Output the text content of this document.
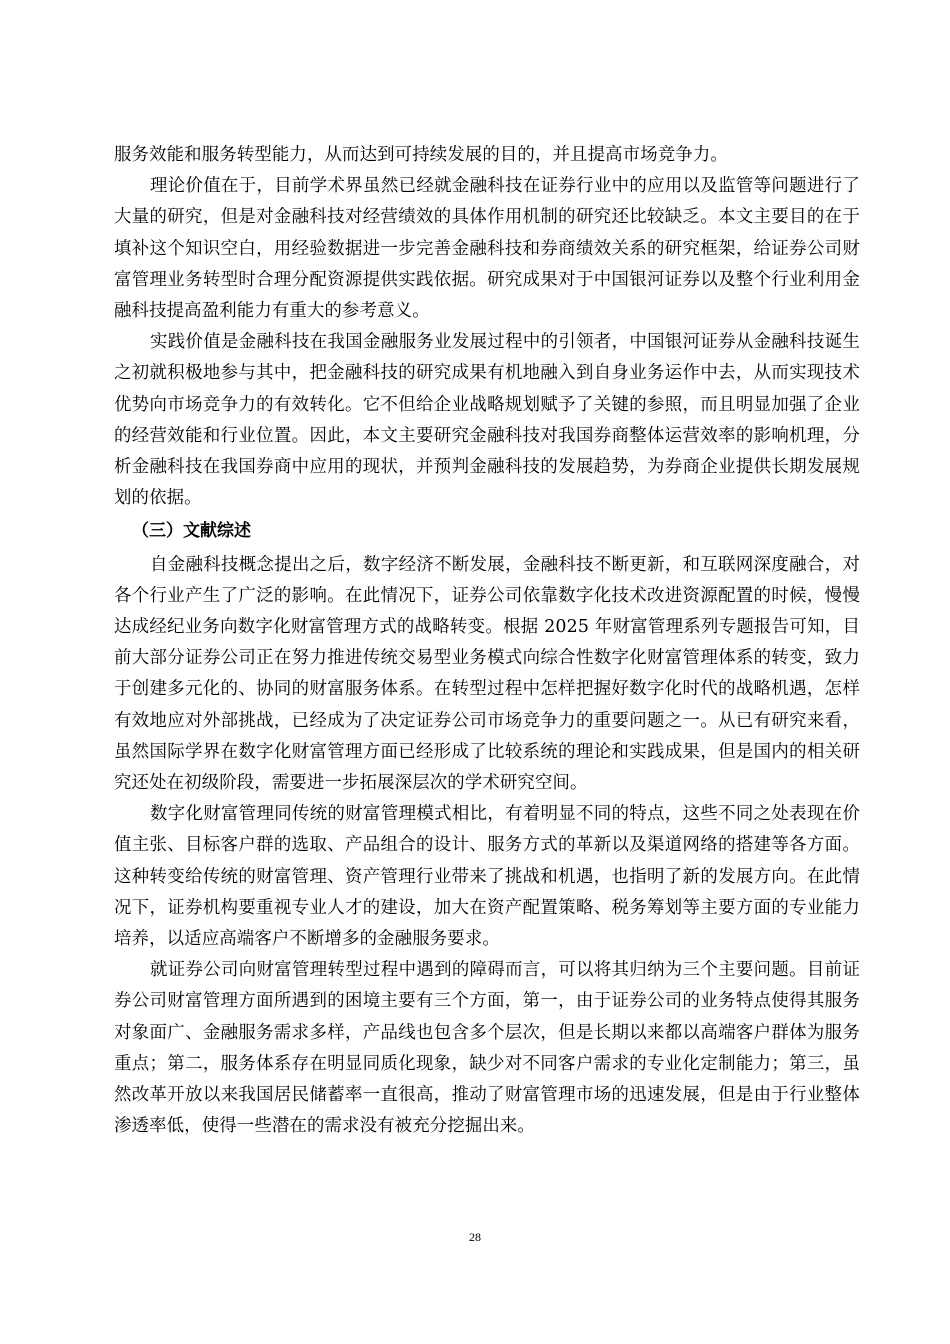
服务效能和服务转型能力，从而达到可持续发展的目的，并且提高市场竞争力。

理论价值在于，目前学术界虽然已经就金融科技在证券行业中的应用以及监管等问题进行了大量的研究，但是对金融科技对经营绩效的具体作用机制的研究还比较缺乏。本文主要目的在于填补这个知识空白，用经验数据进一步完善金融科技和券商绩效关系的研究框架，给证券公司财富管理业务转型时合理分配资源提供实践依据。研究成果对于中国银河证券以及整个行业利用金融科技提高盈利能力有重大的参考意义。

实践价值是金融科技在我国金融服务业发展过程中的引领者，中国银河证券从金融科技诞生之初就积极地参与其中，把金融科技的研究成果有机地融入到自身业务运作中去，从而实现技术优势向市场竞争力的有效转化。它不但给企业战略规划赋予了关键的参照，而且明显加强了企业的经营效能和行业位置。因此，本文主要研究金融科技对我国券商整体运营效率的影响机理，分析金融科技在我国券商中应用的现状，并预判金融科技的发展趋势，为券商企业提供长期发展规划的依据。

（三）文献综述

自金融科技概念提出之后，数字经济不断发展，金融科技不断更新，和互联网深度融合，对各个行业产生了广泛的影响。在此情况下，证券公司依靠数字化技术改进资源配置的时候，慢慢达成经纪业务向数字化财富管理方式的战略转变。根据 2025 年财富管理系列专题报告可知，目前大部分证券公司正在努力推进传统交易型业务模式向综合性数字化财富管理体系的转变，致力于创建多元化的、协同的财富服务体系。在转型过程中怎样把握好数字化时代的战略机遇，怎样有效地应对外部挑战，已经成为了决定证券公司市场竞争力的重要问题之一。从已有研究来看，虽然国际学界在数字化财富管理方面已经形成了比较系统的理论和实践成果，但是国内的相关研究还处在初级阶段，需要进一步拓展深层次的学术研究空间。

数字化财富管理同传统的财富管理模式相比，有着明显不同的特点，这些不同之处表现在价值主张、目标客户群的选取、产品组合的设计、服务方式的革新以及渠道网络的搭建等各方面。这种转变给传统的财富管理、资产管理行业带来了挑战和机遇，也指明了新的发展方向。在此情况下，证券机构要重视专业人才的建设，加大在资产配置策略、税务筹划等主要方面的专业能力培养，以适应高端客户不断增多的金融服务要求。

就证券公司向财富管理转型过程中遇到的障碍而言，可以将其归纳为三个主要问题。目前证券公司财富管理方面所遇到的困境主要有三个方面，第一，由于证券公司的业务特点使得其服务对象面广、金融服务需求多样，产品线也包含多个层次，但是长期以来都以高端客户群体为服务重点；第二，服务体系存在明显同质化现象，缺少对不同客户需求的专业化定制能力；第三，虽然改革开放以来我国居民储蓄率一直很高，推动了财富管理市场的迅速发展，但是由于行业整体渗透率低，使得一些潜在的需求没有被充分挖掘出来。

28
